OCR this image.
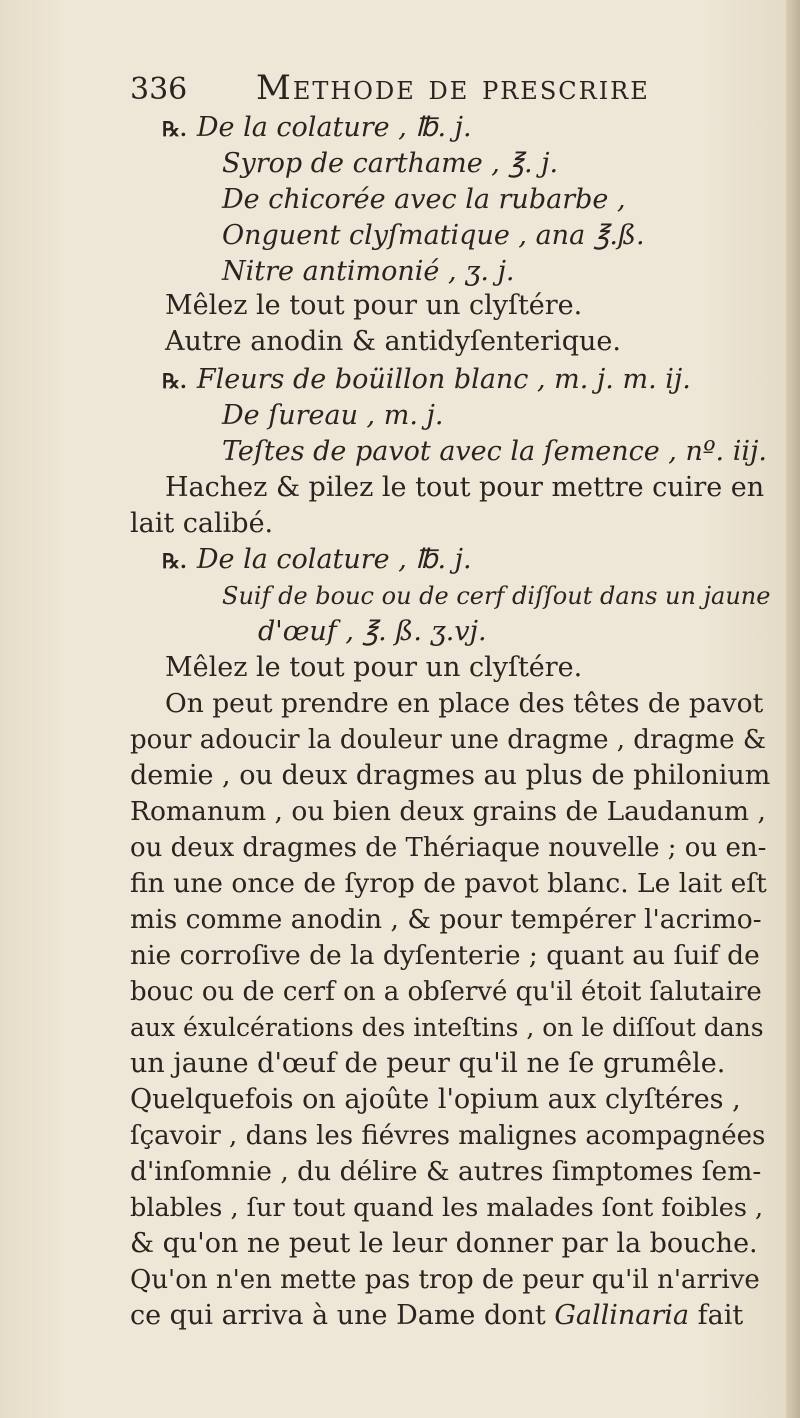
336 Methode de prescrire
℞. De la colature , ℔. j.
Syrop de carthame , ℥. j.
De chicorée avec la rubarbe ,
Onguent clyſmatique , ana ℥.ß.
Nitre antimonié , ʒ. j.
Mêlez le tout pour un clyſtére.
Autre anodin & antidyſenterique.
℞. Fleurs de boüillon blanc , m. j. m. ij.
De ſureau , m. j.
Teſtes de pavot avec la ſemence , nº. iij.
Hachez & pilez le tout pour mettre cuire en
lait calibé.
℞. De la colature , ℔. j.
Suif de bouc ou de cerf diſſout dans un jaune
d'œuf , ℥. ß. ʒ.vj.
Mêlez le tout pour un clyſtére.
On peut prendre en place des têtes de pavot
pour adoucir la douleur une dragme , dragme &
demie , ou deux dragmes au plus de philonium
Romanum , ou bien deux grains de Laudanum ,
ou deux dragmes de Thériaque nouvelle ; ou en-
fin une once de ſyrop de pavot blanc. Le lait eſt
mis comme anodin , & pour tempérer l'acrimo-
nie corroſive de la dyſenterie ; quant au ſuif de
bouc ou de cerf on a obſervé qu'il étoit ſalutaire
aux éxulcérations des inteſtins , on le diſſout dans
un jaune d'œuf de peur qu'il ne ſe grumêle.
Quelquefois on ajoûte l'opium aux clyſtéres ,
ſçavoir , dans les fiévres malignes acompagnées
d'inſomnie , du délire & autres ſimptomes ſem-
blables , ſur tout quand les malades ſont foibles ,
& qu'on ne peut le leur donner par la bouche.
Qu'on n'en mette pas trop de peur qu'il n'arrive
ce qui arriva à une Dame dont Gallinaria fait
